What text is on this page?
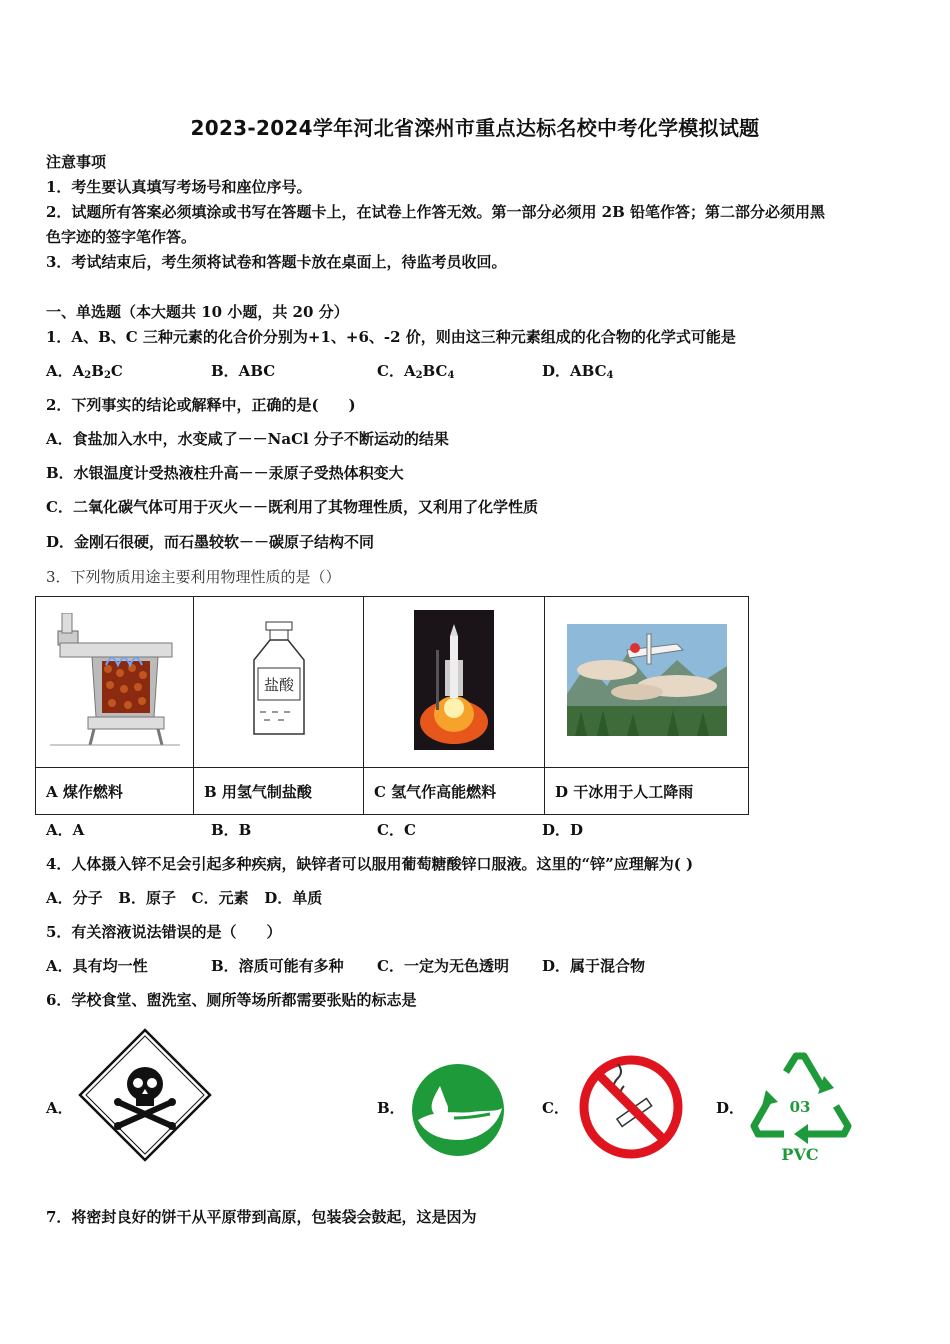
2023-2024学年河北省滦州市重点达标名校中考化学模拟试题
注意事项
1．考生要认真填写考场号和座位序号。
2．试题所有答案必须填涂或书写在答题卡上，在试卷上作答无效。第一部分必须用 2B 铅笔作答；第二部分必须用黑
色字迹的签字笔作答。
3．考试结束后，考生须将试卷和答题卡放在桌面上，待监考员收回。
一、单选题（本大题共 10 小题，共 20 分）
1．A、B、C 三种元素的化合价分别为+1、+6、-2 价，则由这三种元素组成的化合物的化学式可能是
A．$A_2B_2C$	B．ABC	C．$A_2BC_4$	D．$ABC_4$
2．下列事实的结论或解释中，正确的是(　　)
A．食盐加入水中，水变咸了－－NaCl 分子不断运动的结果
B．水银温度计受热液柱升高－－汞原子受热体积变大
C．二氧化碳气体可用于灭火－－既利用了其物理性质，又利用了化学性质
D．金刚石很硬，而石墨较软－－碳原子结构不同
3．下列物质用途主要利用物理性质的是（）

盐酸

A 煤作燃料	B 用氢气制盐酸	C 氢气作高能燃料	D 干冰用于人工降雨
A．A	B．B	C．C	D．D
4．人体摄入锌不足会引起多种疾病，缺锌者可以服用葡萄糖酸锌口服液。这里的“锌”应理解为( )
A．分子   B．原子   C．元素   D．单质
5．有关溶液说法错误的是（　　）
A．具有均一性	B．溶质可能有多种 C．一定为无色透明 D．属于混合物
6．学校食堂、盥洗室、厕所等场所都需要张贴的标志是
A．	B．	C．	D．	03
PVC
7．将密封良好的饼干从平原带到高原，包装袋会鼓起，这是因为
